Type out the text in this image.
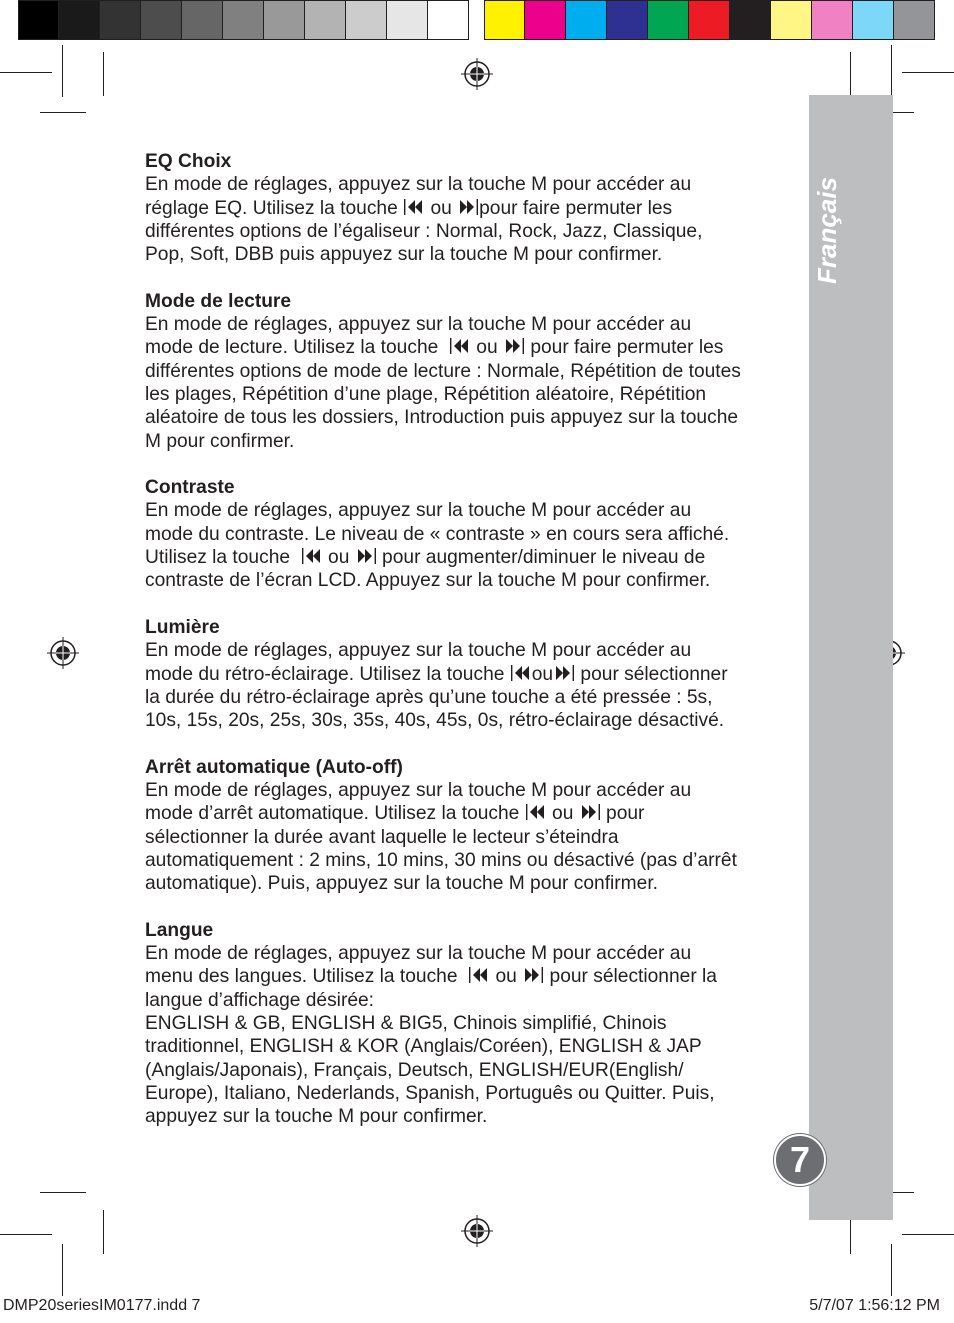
Français
7
EQ Choix

En mode de réglages, appuyez sur la touche M pour accéder au

réglage EQ. Utilisez la touche  ou pour faire permuter les

différentes options de l’égaliseur : Normal, Rock, Jazz, Classique,

Pop, Soft, DBB puis appuyez sur la touche M pour confirmer.

Mode de lecture

En mode de réglages, appuyez sur la touche M pour accéder au

mode de lecture. Utilisez la touche   ou  pour faire permuter les

différentes options de mode de lecture : Normale, Répétition de toutes

les plages, Répétition d’une plage, Répétition aléatoire, Répétition

aléatoire de tous les dossiers, Introduction puis appuyez sur la touche

M pour confirmer.

Contraste

En mode de réglages, appuyez sur la touche M pour accéder au

mode du contraste. Le niveau de « contraste » en cours sera affiché.

Utilisez la touche   ou  pour augmenter/diminuer le niveau de

contraste de l’écran LCD. Appuyez sur la touche M pour confirmer.

Lumière

En mode de réglages, appuyez sur la touche M pour accéder au

mode du rétro-éclairage. Utilisez la touche ou pour sélectionner

la durée du rétro-éclairage après qu’une touche a été pressée : 5s,

10s, 15s, 20s, 25s, 30s, 35s, 40s, 45s, 0s, rétro-éclairage désactivé.

Arrêt automatique (Auto-off)

En mode de réglages, appuyez sur la touche M pour accéder au

mode d’arrêt automatique. Utilisez la touche  ou  pour

sélectionner la durée avant laquelle le lecteur s’éteindra

automatiquement : 2 mins, 10 mins, 30 mins ou désactivé (pas d’arrêt

automatique). Puis, appuyez sur la touche M pour confirmer.

Langue

En mode de réglages, appuyez sur la touche M pour accéder au

menu des langues. Utilisez la touche   ou  pour sélectionner la

langue d’affichage désirée:

ENGLISH & GB, ENGLISH & BIG5, Chinois simplifié, Chinois

traditionnel, ENGLISH & KOR (Anglais/Coréen), ENGLISH & JAP

(Anglais/Japonais), Français, Deutsch, ENGLISH/EUR(English/

Europe), Italiano, Nederlands, Spanish, Português ou Quitter. Puis,

appuyez sur la touche M pour confirmer.

DMP20seriesIM0177.indd 7	5/7/07 1:56:12 PM
